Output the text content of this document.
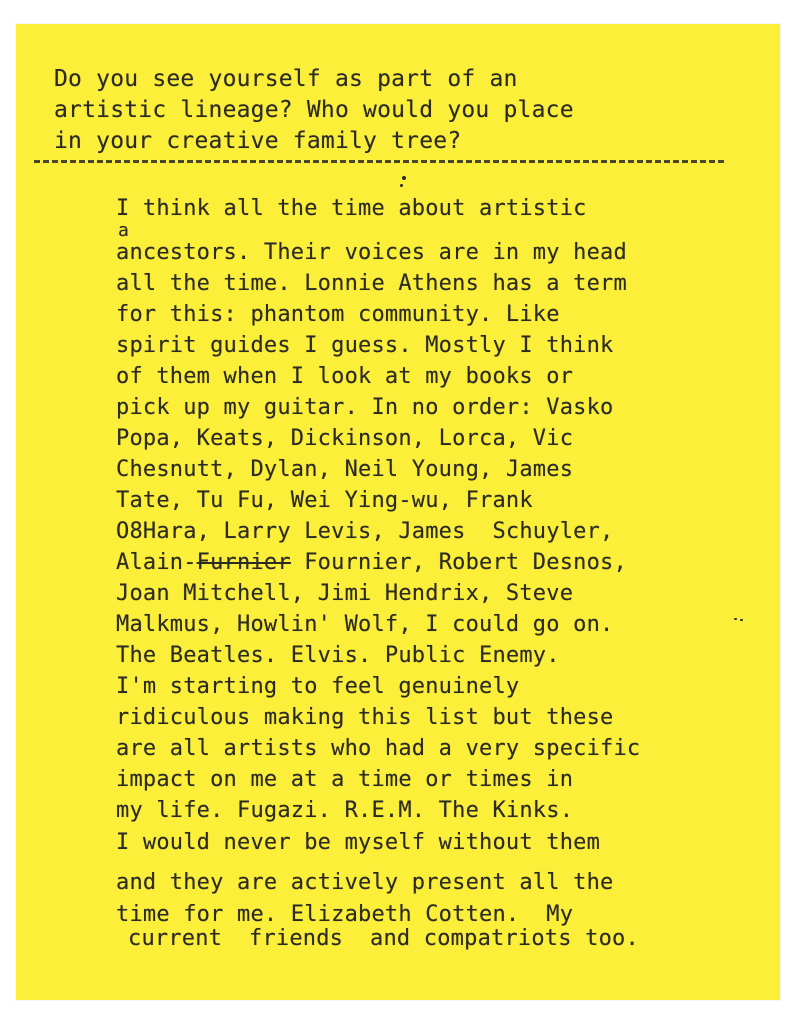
Do you see yourself as part of an
artistic lineage? Who would you place
in your creative family tree?
I think all the time about artistic
a
ancestors. Their voices are in my head
all the time. Lonnie Athens has a term
for this: phantom community. Like
spirit guides I guess. Mostly I think
of them when I look at my books or
pick up my guitar. In no order: Vasko
Popa, Keats, Dickinson, Lorca, Vic
Chesnutt, Dylan, Neil Young, James
Tate, Tu Fu, Wei Ying-wu, Frank
O8Hara, Larry Levis, James  Schuyler,
Alain-Furnier Fournier, Robert Desnos,
Joan Mitchell, Jimi Hendrix, Steve
Malkmus, Howlin' Wolf, I could go on.
The Beatles. Elvis. Public Enemy.
I'm starting to feel genuinely
ridiculous making this list but these
are all artists who had a very specific
impact on me at a time or times in
my life. Fugazi. R.E.M. The Kinks.
I would never be myself without them
and they are actively present all the
time for me. Elizabeth Cotten.  My
current  friends  and compatriots too.
